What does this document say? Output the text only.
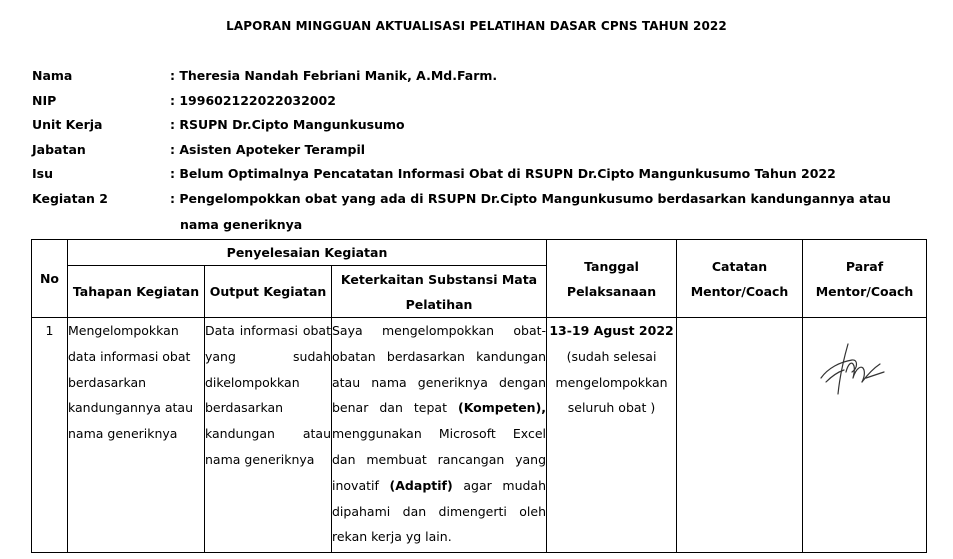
LAPORAN MINGGUAN AKTUALISASI PELATIHAN DASAR CPNS TAHUN 2022
Nama	: Theresia Nandah Febriani Manik, A.Md.Farm.
NIP	: 199602122022032002
Unit Kerja	: RSUPN Dr.Cipto Mangunkusumo
Jabatan	: Asisten Apoteker Terampil
Isu	: Belum Optimalnya Pencatatan Informasi Obat di RSUPN Dr.Cipto Mangunkusumo Tahun 2022
Kegiatan 2	: Pengelompokkan obat yang ada di RSUPN Dr.Cipto Mangunkusumo berdasarkan kandungannya atau
nama generiknya
No	Penyelesaian Kegiatan			Tanggal Pelaksanaan	Catatan Mentor/Coach	Paraf Mentor/Coach
	Tahapan Kegiatan	Output Kegiatan	Keterkaitan Substansi Mata Pelatihan			
1	Mengelompokkan data informasi obat berdasarkan kandungannya atau nama generiknya	Data informasi obat yang sudah dikelompokkan berdasarkan kandungan atau nama generiknya	Saya mengelompokkan obat-obatan berdasarkan kandungan atau nama generiknya dengan benar dan tepat (Kompeten), menggunakan Microsoft Excel dan membuat rancangan yang inovatif (Adaptif) agar mudah dipahami dan dimengerti oleh rekan kerja yg lain.	13-19 Agust 2022
(sudah selesai mengelompokkan seluruh obat )		
